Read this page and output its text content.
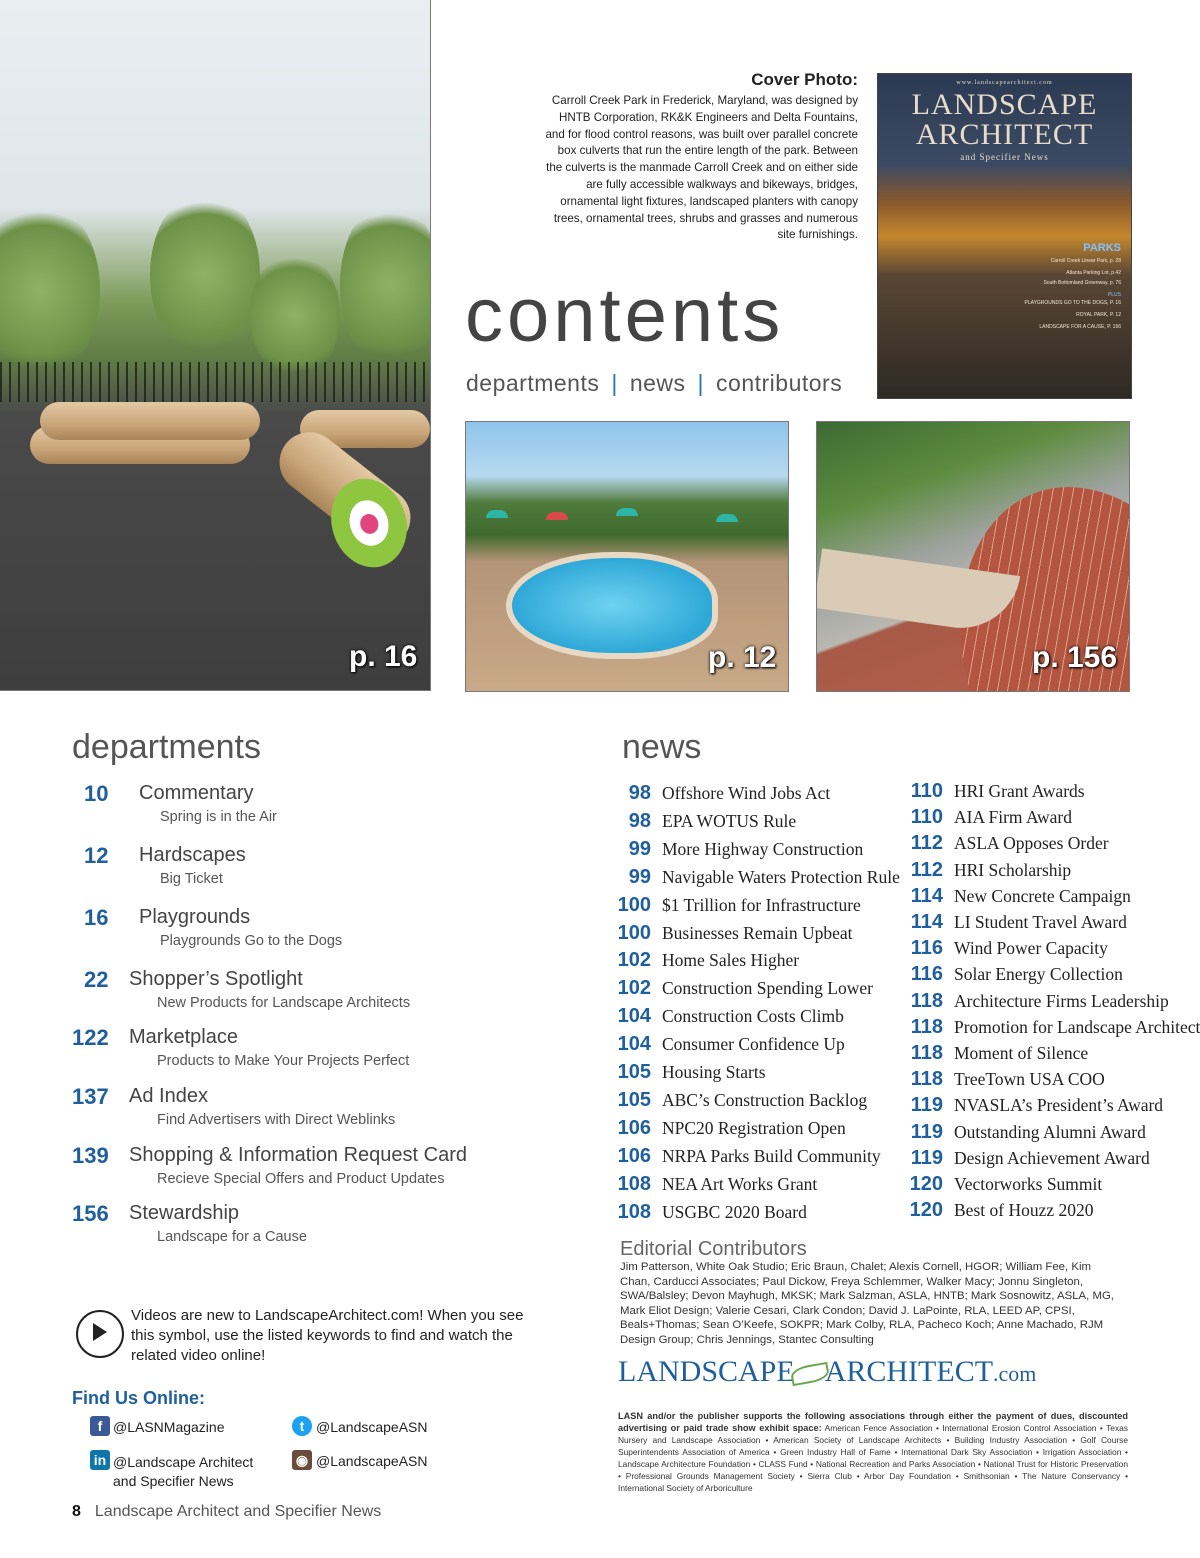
p. 16	p. 12	p. 156
Cover Photo:
Carroll Creek Park in Frederick, Maryland, was designed by HNTB Corporation, RK&K Engineers and Delta Fountains, and for flood control reasons, was built over parallel concrete box culverts that run the entire length of the park. Between the culverts is the manmade Carroll Creek and on either side are fully accessible walkways and bikeways, bridges, ornamental light fixtures, landscaped planters with canopy trees, ornamental trees, shrubs and grasses and numerous site furnishings.
www.landscapearchitect.com
LANDSCAPE
ARCHITECT
and Specifier News
PARKS
Carroll Creek Linear Park, p. 28
Atlanta Parking Lot, p.42
South Bottomland Greenway, p. 76
PLUS
PLAYGROUNDS GO TO THE DOGS, P. 16
ROYAL PARK, P. 12
LANDSCAPE FOR A CAUSE, P. 156
contents
departments | news | contributors
departments
10 Commentary
Spring is in the Air
12 Hardscapes
Big Ticket
16 Playgrounds
Playgrounds Go to the Dogs
22 Shopper’s Spotlight
New Products for Landscape Architects
122 Marketplace
Products to Make Your Projects Perfect
137 Ad Index
Find Advertisers with Direct Weblinks
139 Shopping & Information Request Card
Recieve Special Offers and Product Updates
156 Stewardship
Landscape for a Cause
news
98 Offshore Wind Jobs Act
98 EPA WOTUS Rule
99 More Highway Construction
99 Navigable Waters Protection Rule
100 $1 Trillion for Infrastructure
100 Businesses Remain Upbeat
102 Home Sales Higher
102 Construction Spending Lower
104 Construction Costs Climb
104 Consumer Confidence Up
105 Housing Starts
105 ABC’s Construction Backlog
106 NPC20 Registration Open
106 NRPA Parks Build Community
108 NEA Art Works Grant
108 USGBC 2020 Board
110 HRI Grant Awards
110 AIA Firm Award
112 ASLA Opposes Order
112 HRI Scholarship
114 New Concrete Campaign
114 LI Student Travel Award
116 Wind Power Capacity
116 Solar Energy Collection
118 Architecture Firms Leadership
118 Promotion for Landscape Architect
118 Moment of Silence
118 TreeTown USA COO
119 NVASLA’s President’s Award
119 Outstanding Alumni Award
119 Design Achievement Award
120 Vectorworks Summit
120 Best of Houzz 2020
Editorial Contributors
Jim Patterson, White Oak Studio; Eric Braun, Chalet; Alexis Cornell, HGOR; William Fee, Kim Chan, Carducci Associates; Paul Dickow, Freya Schlemmer, Walker Macy; Jonnu Singleton, SWA/Balsley; Devon Mayhugh, MKSK; Mark Salzman, ASLA, HNTB; Mark Sosnowitz, ASLA, MG, Mark Eliot Design; Valerie Cesari, Clark Condon; David J. LaPointe, RLA, LEED AP, CPSI, Beals+Thomas; Sean O’Keefe, SOKPR; Mark Colby, RLA, Pacheco Koch; Anne Machado, RJM Design Group; Chris Jennings, Stantec Consulting
LANDSCAPE ARCHITECT.com
LASN and/or the publisher supports the following associations through either the payment of dues, discounted advertising or paid trade show exhibit space: American Fence Association • International Erosion Control Association • Texas Nursery and Landscape Association • American Society of Landscape Architects • Building Industry Association • Golf Course Superintendents Association of America • Green Industry Hall of Fame • International Dark Sky Association • Irrigation Association • Landscape Architecture Foundation • CLASS Fund • National Recreation and Parks Association • National Trust for Historic Preservation • Professional Grounds Management Society • Sierra Club • Arbor Day Foundation • Smithsonian • The Nature Conservancy • International Society of Arboriculture
Videos are new to LandscapeArchitect.com! When you see this symbol, use the listed keywords to find and watch the related video online!
Find Us Online:
f @LASNMagazine	t @LandscapeASN
in @Landscape Architect
and Specifier News
◉ @LandscapeASN
8 Landscape Architect and Specifier News
